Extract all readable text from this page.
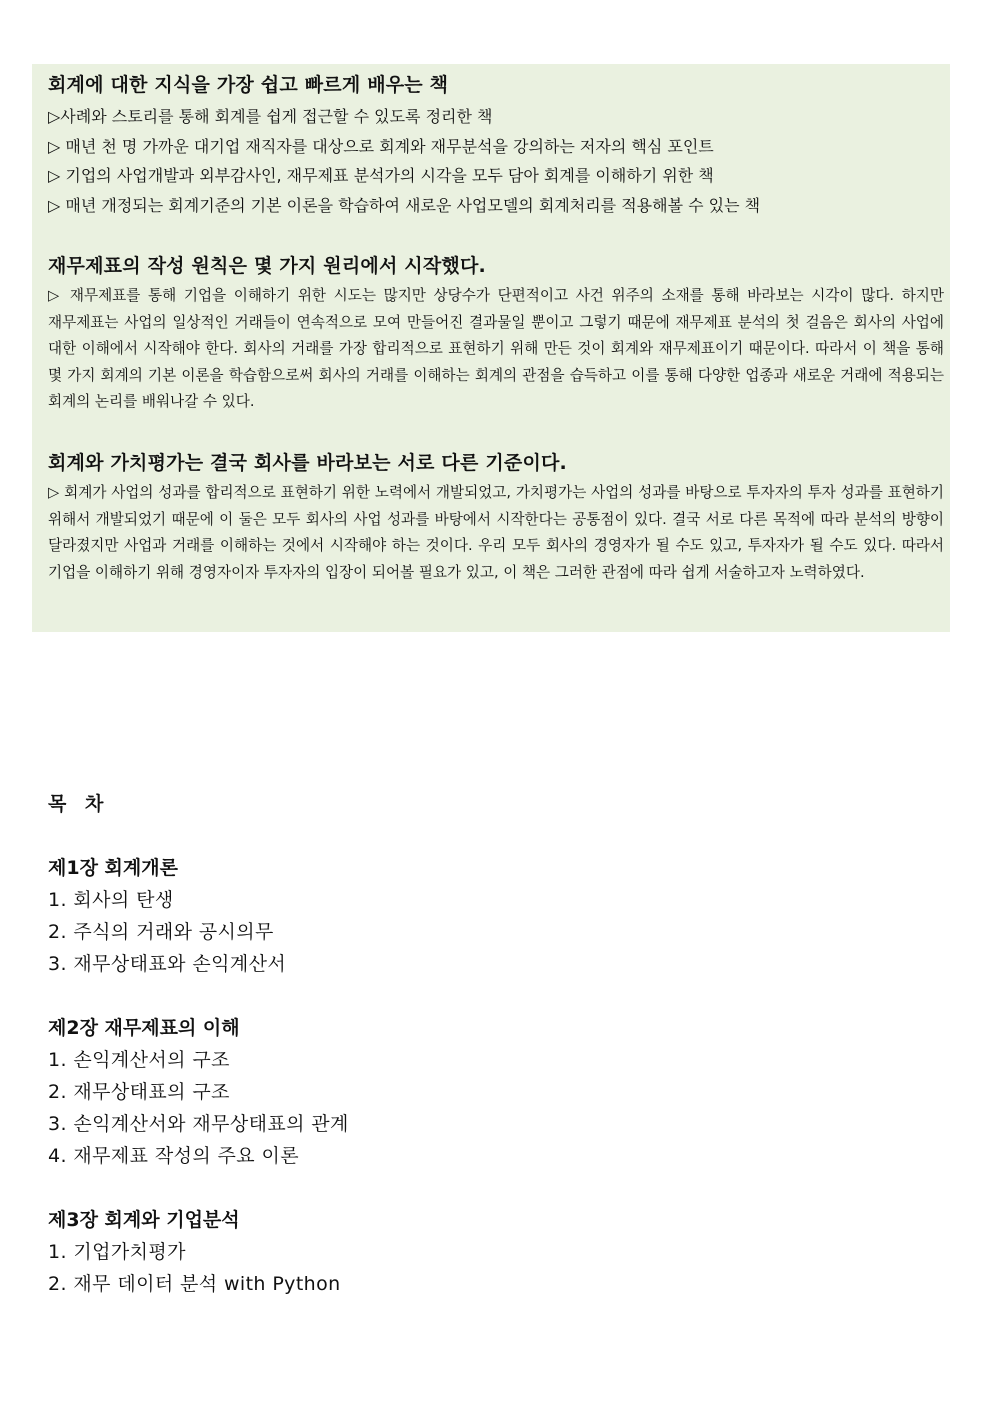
회계에 대한 지식을 가장 쉽고 빠르게 배우는 책

▷사례와 스토리를 통해 회계를 쉽게 접근할 수 있도록 정리한 책

▷ 매년 천 명 가까운 대기업 재직자를 대상으로 회계와 재무분석을 강의하는 저자의 핵심 포인트

▷ 기업의 사업개발과 외부감사인, 재무제표 분석가의 시각을 모두 담아 회계를 이해하기 위한 책

▷ 매년 개정되는 회계기준의 기본 이론을 학습하여 새로운 사업모델의 회계처리를 적용해볼 수 있는 책

재무제표의 작성 원칙은 몇 가지 원리에서 시작했다.

▷ 재무제표를 통해 기업을 이해하기 위한 시도는 많지만 상당수가 단편적이고 사건 위주의 소재를 통해 바라보는 시각이 많다. 하지만 재무제표는 사업의 일상적인 거래들이 연속적으로 모여 만들어진 결과물일 뿐이고 그렇기 때문에 재무제표 분석의 첫 걸음은 회사의 사업에 대한 이해에서 시작해야 한다. 회사의 거래를 가장 합리적으로 표현하기 위해 만든 것이 회계와 재무제표이기 때문이다. 따라서 이 책을 통해 몇 가지 회계의 기본 이론을 학습함으로써 회사의 거래를 이해하는 회계의 관점을 습득하고 이를 통해 다양한 업종과 새로운 거래에 적용되는 회계의 논리를 배워나갈 수 있다.

회계와 가치평가는 결국 회사를 바라보는 서로 다른 기준이다.

▷ 회계가 사업의 성과를 합리적으로 표현하기 위한 노력에서 개발되었고, 가치평가는 사업의 성과를 바탕으로 투자자의 투자 성과를 표현하기 위해서 개발되었기 때문에 이 둘은 모두 회사의 사업 성과를 바탕에서 시작한다는 공통점이 있다. 결국 서로 다른 목적에 따라 분석의 방향이 달라졌지만 사업과 거래를 이해하는 것에서 시작해야 하는 것이다. 우리 모두 회사의 경영자가 될 수도 있고, 투자자가 될 수도 있다. 따라서 기업을 이해하기 위해 경영자이자 투자자의 입장이 되어볼 필요가 있고, 이 책은 그러한 관점에 따라 쉽게 서술하고자 노력하였다.

목 차

제1장 회계개론

1. 회사의 탄생

2. 주식의 거래와 공시의무

3. 재무상태표와 손익계산서

제2장 재무제표의 이해

1. 손익계산서의 구조

2. 재무상태표의 구조

3. 손익계산서와 재무상태표의 관계

4. 재무제표 작성의 주요 이론

제3장 회계와 기업분석

1. 기업가치평가

2. 재무 데이터 분석 with Python
